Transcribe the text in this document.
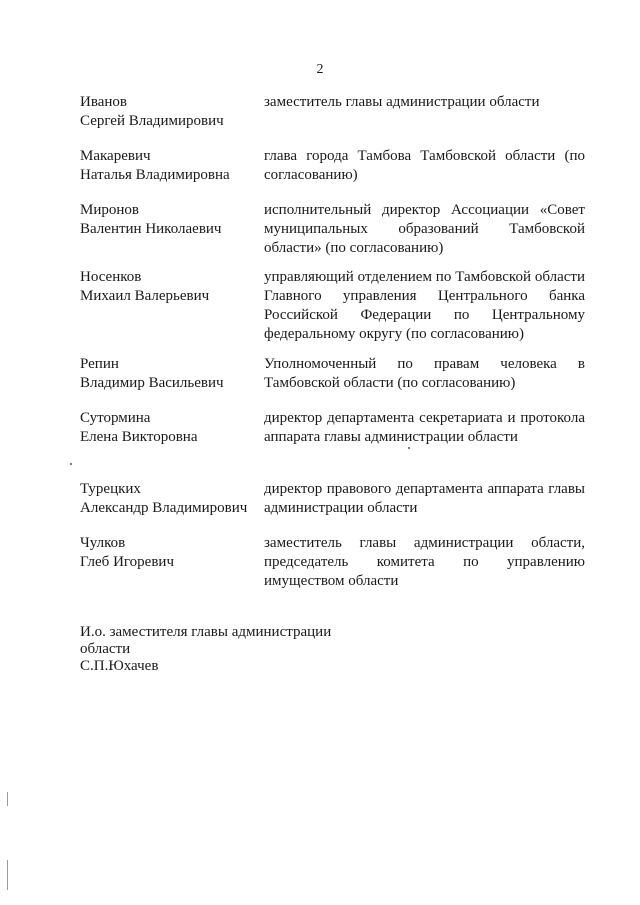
2
Иванов
Сергей Владимирович
заместитель главы администрации области
Макаревич
Наталья Владимировна
глава города Тамбова Тамбовской области (по согласованию)
Миронов
Валентин Николаевич
исполнительный директор Ассоциации «Совет муниципальных образований Тамбовской области» (по согласованию)
Носенков
Михаил Валерьевич
управляющий отделением по Тамбовской области Главного управления Центрального банка Российской Федерации по Центральному федеральному округу (по согласованию)
Репин
Владимир Васильевич
Уполномоченный по правам человека в Тамбовской области (по согласованию)
Сутормина
Елена Викторовна
директор департамента секретариата и протокола аппарата главы администрации области
Турецких
Александр Владимирович
директор правового департамента аппарата главы администрации области
Чулков
Глеб Игоревич
заместитель главы администрации области, председатель комитета по управлению имуществом области
И.о. заместителя главы администрации
области
С.П.Юхачев
